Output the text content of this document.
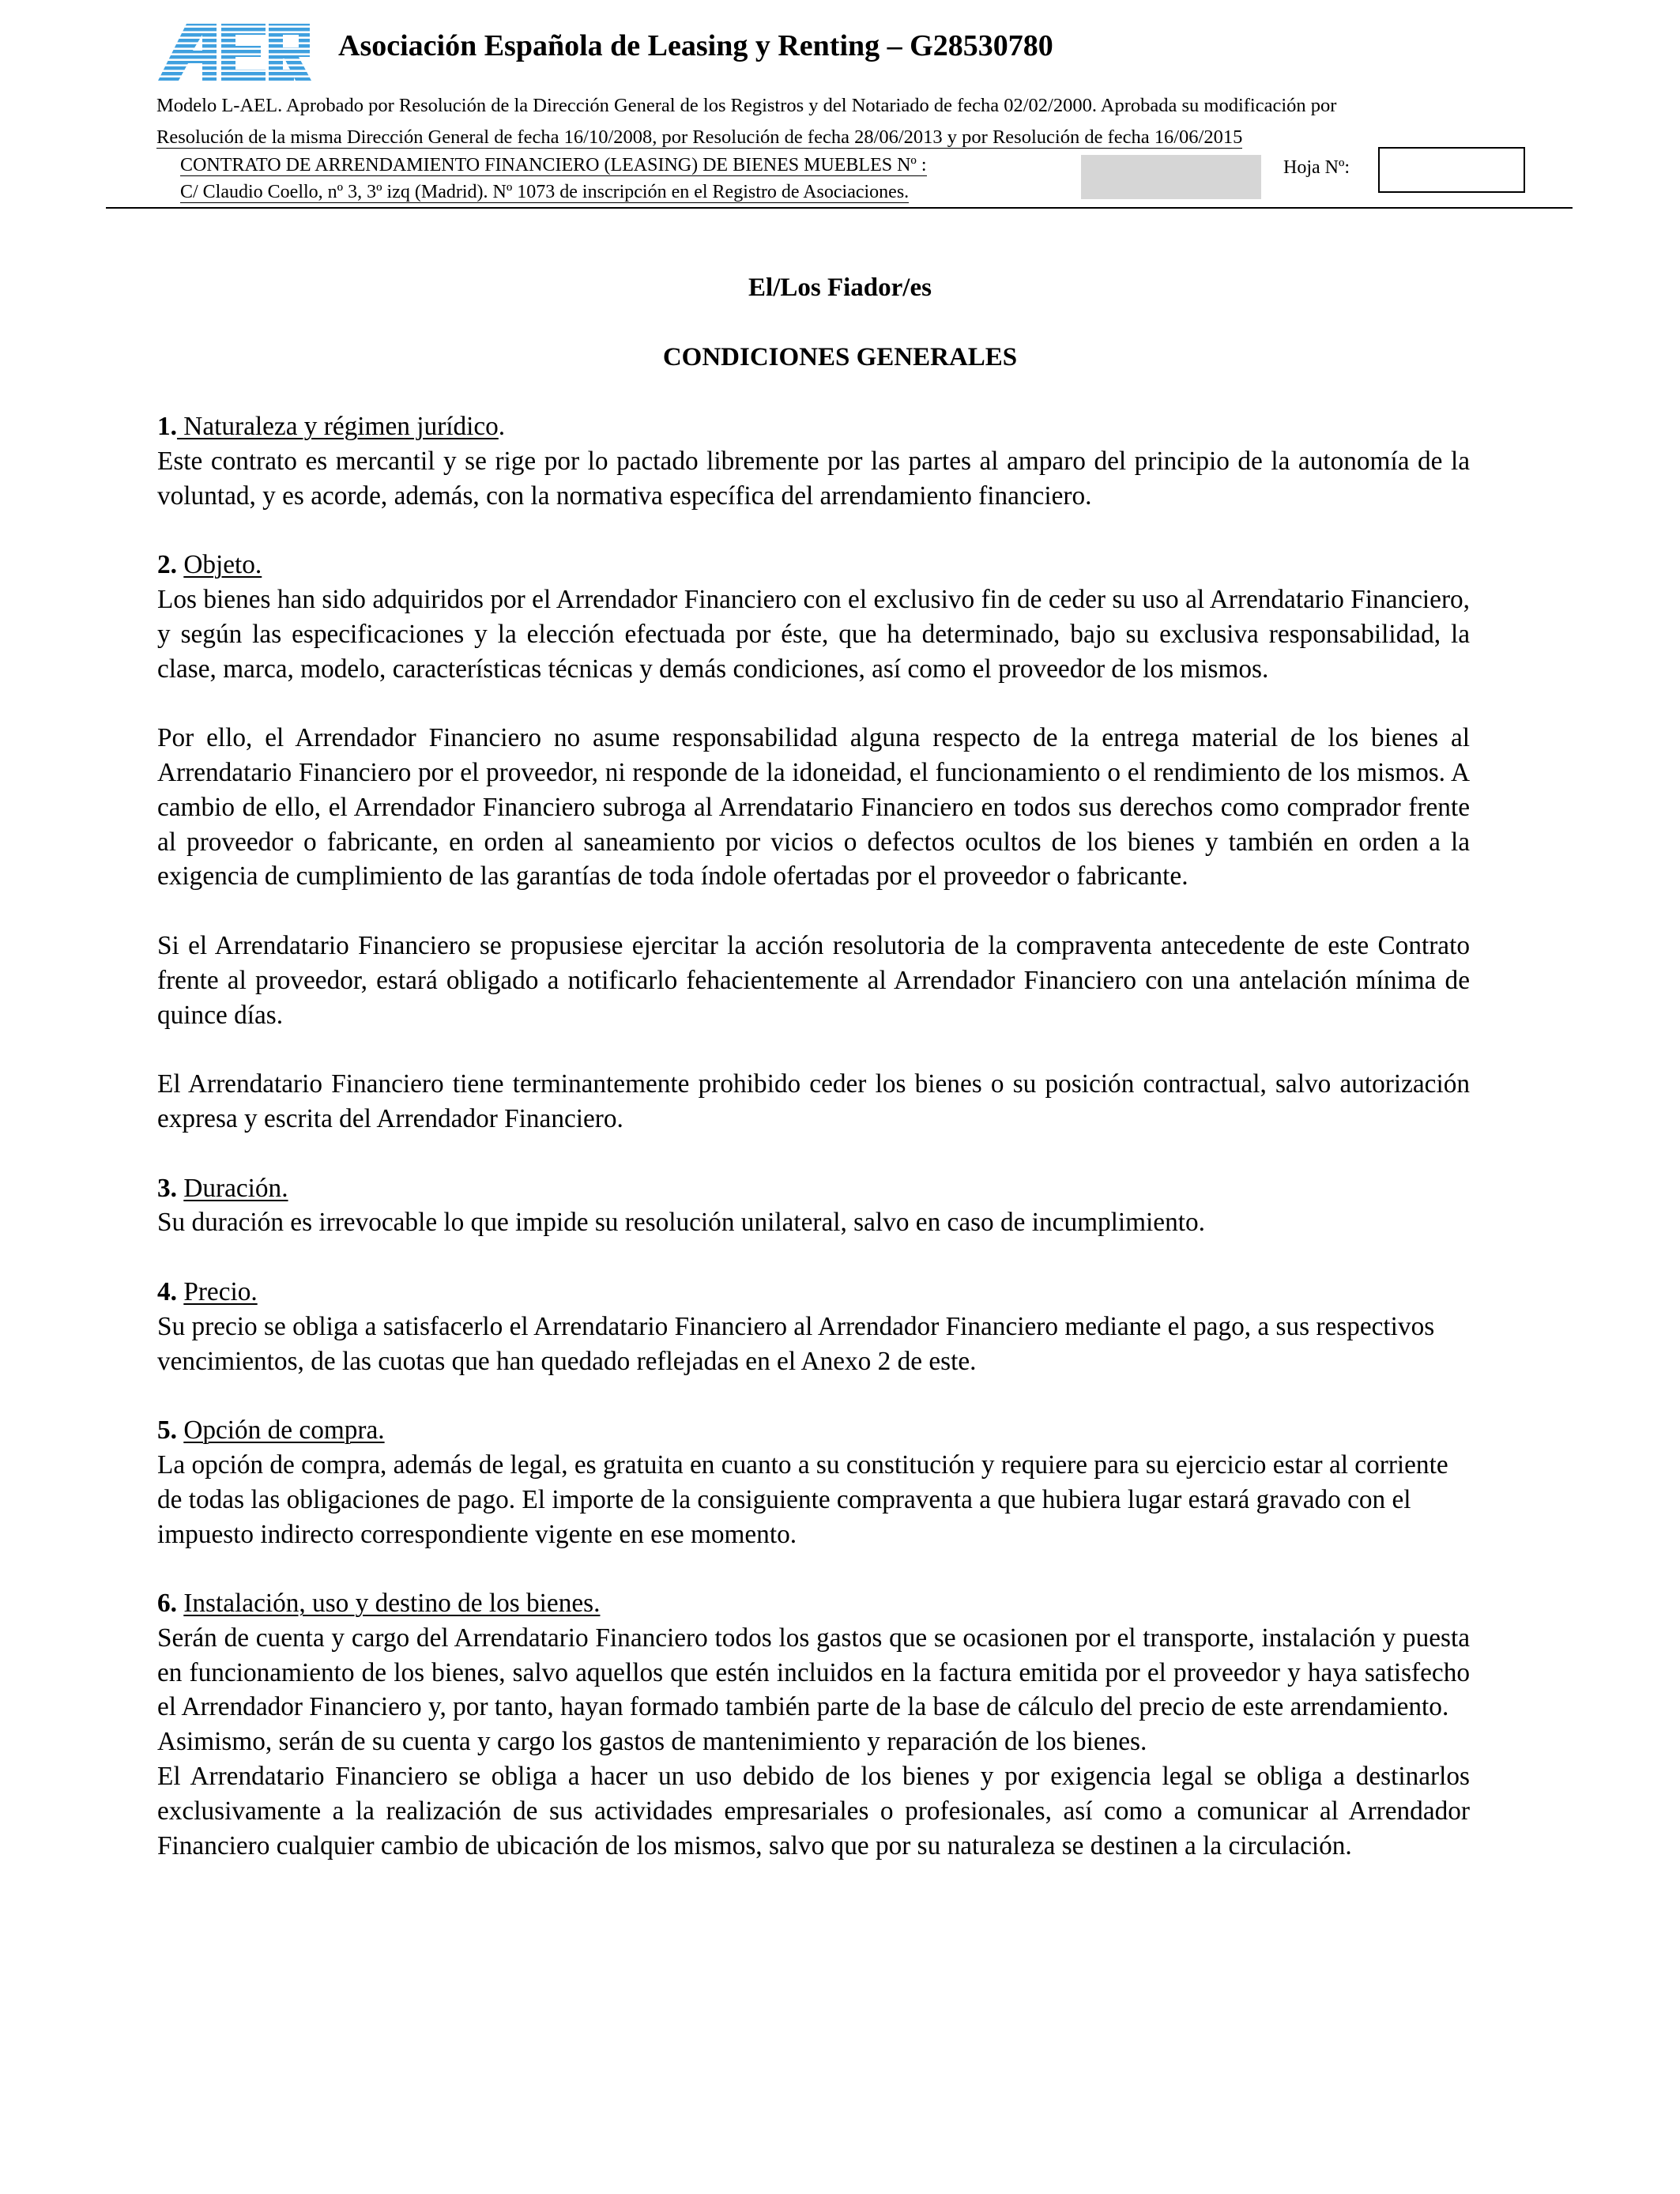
Asociación Española de Leasing y Renting – G28530780
Modelo L-AEL. Aprobado por Resolución de la Dirección General de los Registros y del Notariado de fecha 02/02/2000. Aprobada su modificación por
Resolución de la misma Dirección General de fecha 16/10/2008, por Resolución de fecha 28/06/2013 y por Resolución de fecha 16/06/2015
CONTRATO DE ARRENDAMIENTO FINANCIERO (LEASING) DE BIENES MUEBLES Nº :	Hoja Nº:
C/ Claudio Coello, nº 3, 3º izq (Madrid). Nº 1073 de inscripción en el Registro de Asociaciones.
El/Los Fiador/es
CONDICIONES GENERALES
1. Naturaleza y régimen jurídico.

Este contrato es mercantil y se rige por lo pactado libremente por las partes al amparo del principio de la autonomía de la voluntad, y es acorde, además, con la normativa específica del arrendamiento financiero.

2. Objeto.

Los bienes han sido adquiridos por el Arrendador Financiero con el exclusivo fin de ceder su uso al Arrendatario Financiero, y según las especificaciones y la elección efectuada por éste, que ha determinado, bajo su exclusiva responsabilidad, la clase, marca, modelo, características técnicas y demás condiciones, así como el proveedor de los mismos.

Por ello, el Arrendador Financiero no asume responsabilidad alguna respecto de la entrega material de los bienes al Arrendatario Financiero por el proveedor, ni responde de la idoneidad, el funcionamiento o el rendimiento de los mismos. A cambio de ello, el Arrendador Financiero subroga al Arrendatario Financiero en todos sus derechos como comprador frente al proveedor o fabricante, en orden al saneamiento por vicios o defectos ocultos de los bienes y también en orden a la exigencia de cumplimiento de las garantías de toda índole ofertadas por el proveedor o fabricante.

Si el Arrendatario Financiero se propusiese ejercitar la acción resolutoria de la compraventa antecedente de este Contrato frente al proveedor, estará obligado a notificarlo fehacientemente al Arrendador Financiero con una antelación mínima de quince días.

El Arrendatario Financiero tiene terminantemente prohibido ceder los bienes o su posición contractual, salvo autorización expresa y escrita del Arrendador Financiero.

3. Duración.

Su duración es irrevocable lo que impide su resolución unilateral, salvo en caso de incumplimiento.

4. Precio.

Su precio se obliga a satisfacerlo el Arrendatario Financiero al Arrendador Financiero mediante el pago, a sus respectivos vencimientos, de las cuotas que han quedado reflejadas en el Anexo 2 de este.

5. Opción de compra.

La opción de compra, además de legal, es gratuita en cuanto a su constitución y requiere para su ejercicio estar al corriente de todas las obligaciones de pago. El importe de la consiguiente compraventa a que hubiera lugar estará gravado con el impuesto indirecto correspondiente vigente en ese momento.

6. Instalación, uso y destino de los bienes.

Serán de cuenta y cargo del Arrendatario Financiero todos los gastos que se ocasionen por el transporte, instalación y puesta en funcionamiento de los bienes, salvo aquellos que estén incluidos en la factura emitida por el proveedor y haya satisfecho el Arrendador Financiero y, por tanto, hayan formado también parte de la base de cálculo del precio de este arrendamiento.

Asimismo, serán de su cuenta y cargo los gastos de mantenimiento y reparación de los bienes.

El Arrendatario Financiero se obliga a hacer un uso debido de los bienes y por exigencia legal se obliga a destinarlos exclusivamente a la realización de sus actividades empresariales o profesionales, así como a comunicar al Arrendador Financiero cualquier cambio de ubicación de los mismos, salvo que por su naturaleza se destinen a la circulación.
